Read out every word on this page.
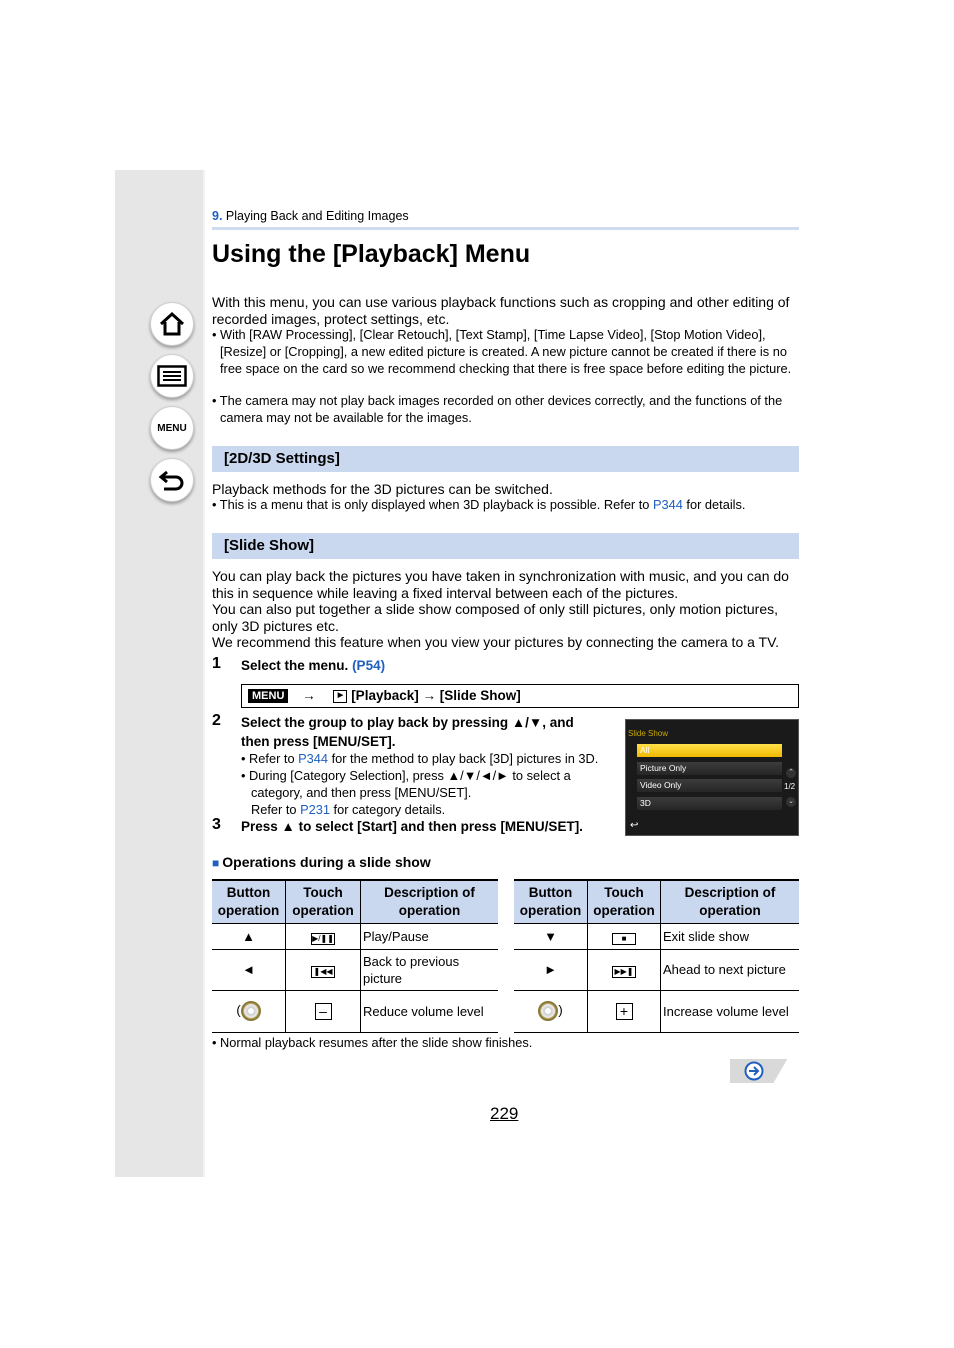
MENU
9. Playing Back and Editing Images
Using the [Playback] Menu

With this menu, you can use various playback functions such as cropping and other editing of recorded images, protect settings, etc.

• With [RAW Processing], [Clear Retouch], [Text Stamp], [Time Lapse Video], [Stop Motion Video], [Resize] or [Cropping], a new edited picture is created. A new picture cannot be created if there is no free space on the card so we recommend checking that there is free space before editing the picture.
• The camera may not play back images recorded on other devices correctly, and the functions of the camera may not be available for the images.
[2D/3D Settings]

Playback methods for the 3D pictures can be switched.

• This is a menu that is only displayed when 3D playback is possible. Refer to P344 for details.
[Slide Show]

You can play back the pictures you have taken in synchronization with music, and you can do this in sequence while leaving a fixed interval between each of the pictures.

You can also put together a slide show composed of only still pictures, only motion pictures, only 3D pictures etc.

We recommend this feature when you view your pictures by connecting the camera to a TV.

1 Select the menu. (P54)
MENU →	▶ [Playback] → [Slide Show]
2 Select the group to play back by pressing ▲/▼, and
then press [MENU/SET].
• Refer to P344 for the method to play back [3D] pictures in 3D.
• During [Category Selection], press ▲/▼/◄/► to select a category, and then press [MENU/SET].
Refer to P231 for category details.
3 Press ▲ to select [Start] and then press [MENU/SET].
Slide Show
All
Picture Only
Video Only
3D
⌃
1/2
⌄
↩
■ Operations during a slide show
Button operation	Touch operation	Description of operation
▲	▶/❚❚	Play/Pause
◄	❚◀◀	Back to previous picture
(	–	Reduce volume level
Button operation	Touch operation	Description of operation
▼	■	Exit slide show
►	▶▶❚	Ahead to next picture
)	+	Increase volume level
• Normal playback resumes after the slide show finishes.
229
